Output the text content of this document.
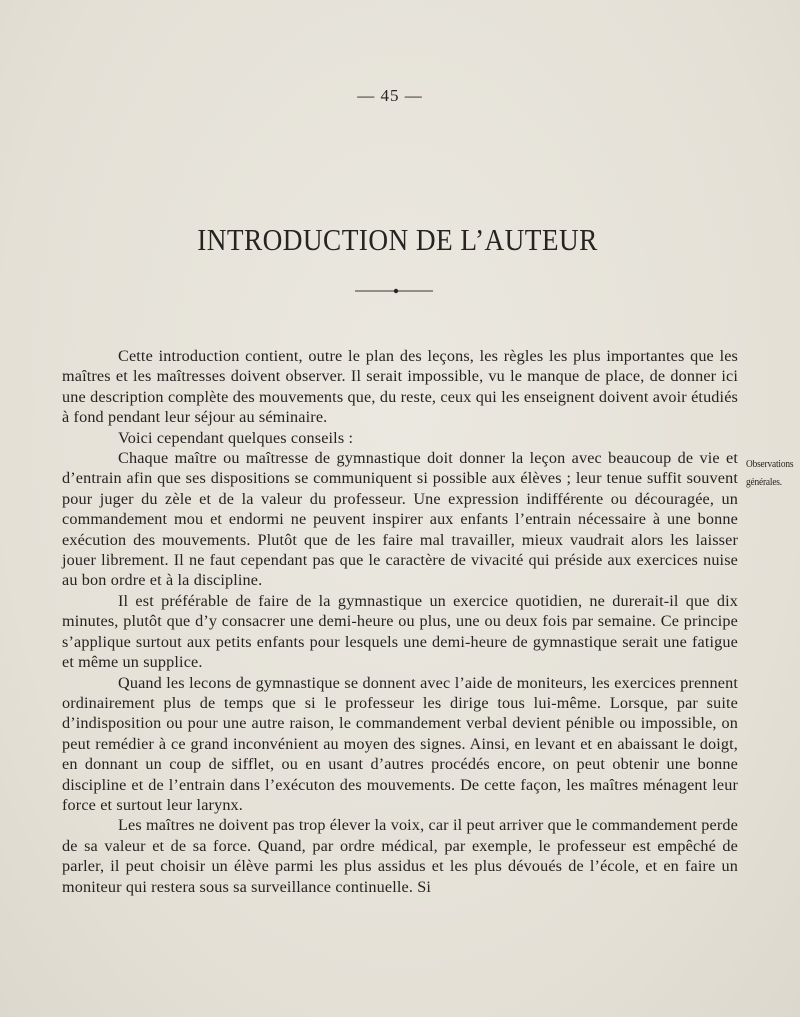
— 45 —
INTRODUCTION DE L’AUTEUR

Cette introduction contient, outre le plan des leçons, les règles les plus importantes que les maîtres et les maîtresses doivent observer. Il serait impossible, vu le manque de place, de donner ici une description complète des mouvements que, du reste, ceux qui les enseignent doivent avoir étudiés à fond pendant leur séjour au séminaire.

Voici cependant quelques conseils :

Chaque maître ou maîtresse de gymnastique doit donner la leçon avec beaucoup de vie et d’entrain afin que ses dispositions se communiquent si possible aux élèves ; leur tenue suffit souvent pour juger du zèle et de la valeur du professeur. Une expression indifférente ou découragée, un commandement mou et endormi ne peuvent inspirer aux enfants l’entrain nécessaire à une bonne exécution des mouvements. Plutôt que de les faire mal travailler, mieux vaudrait alors les laisser jouer librement. Il ne faut cependant pas que le caractère de vivacité qui préside aux exercices nuise au bon ordre et à la discipline.

Il est préférable de faire de la gymnastique un exercice quotidien, ne durerait-il que dix minutes, plutôt que d’y consacrer une demi-heure ou plus, une ou deux fois par semaine. Ce principe s’applique surtout aux petits enfants pour lesquels une demi-heure de gymnastique serait une fatigue et même un supplice.

Quand les lecons de gymnastique se donnent avec l’aide de moniteurs, les exercices prennent ordinairement plus de temps que si le professeur les dirige tous lui-même. Lorsque, par suite d’indisposition ou pour une autre raison, le commandement verbal devient pénible ou impossible, on peut remédier à ce grand inconvénient au moyen des signes. Ainsi, en levant et en abaissant le doigt, en donnant un coup de sifflet, ou en usant d’autres procédés encore, on peut obtenir une bonne discipline et de l’entrain dans l’exécuton des mouvements. De cette façon, les maîtres ménagent leur force et surtout leur larynx.

Les maîtres ne doivent pas trop élever la voix, car il peut arriver que le commandement perde de sa valeur et de sa force. Quand, par ordre médical, par exemple, le professeur est empêché de parler, il peut choisir un élève parmi les plus assidus et les plus dévoués de l’école, et en faire un moniteur qui restera sous sa surveillance continuelle. Si

Observations
générales.
